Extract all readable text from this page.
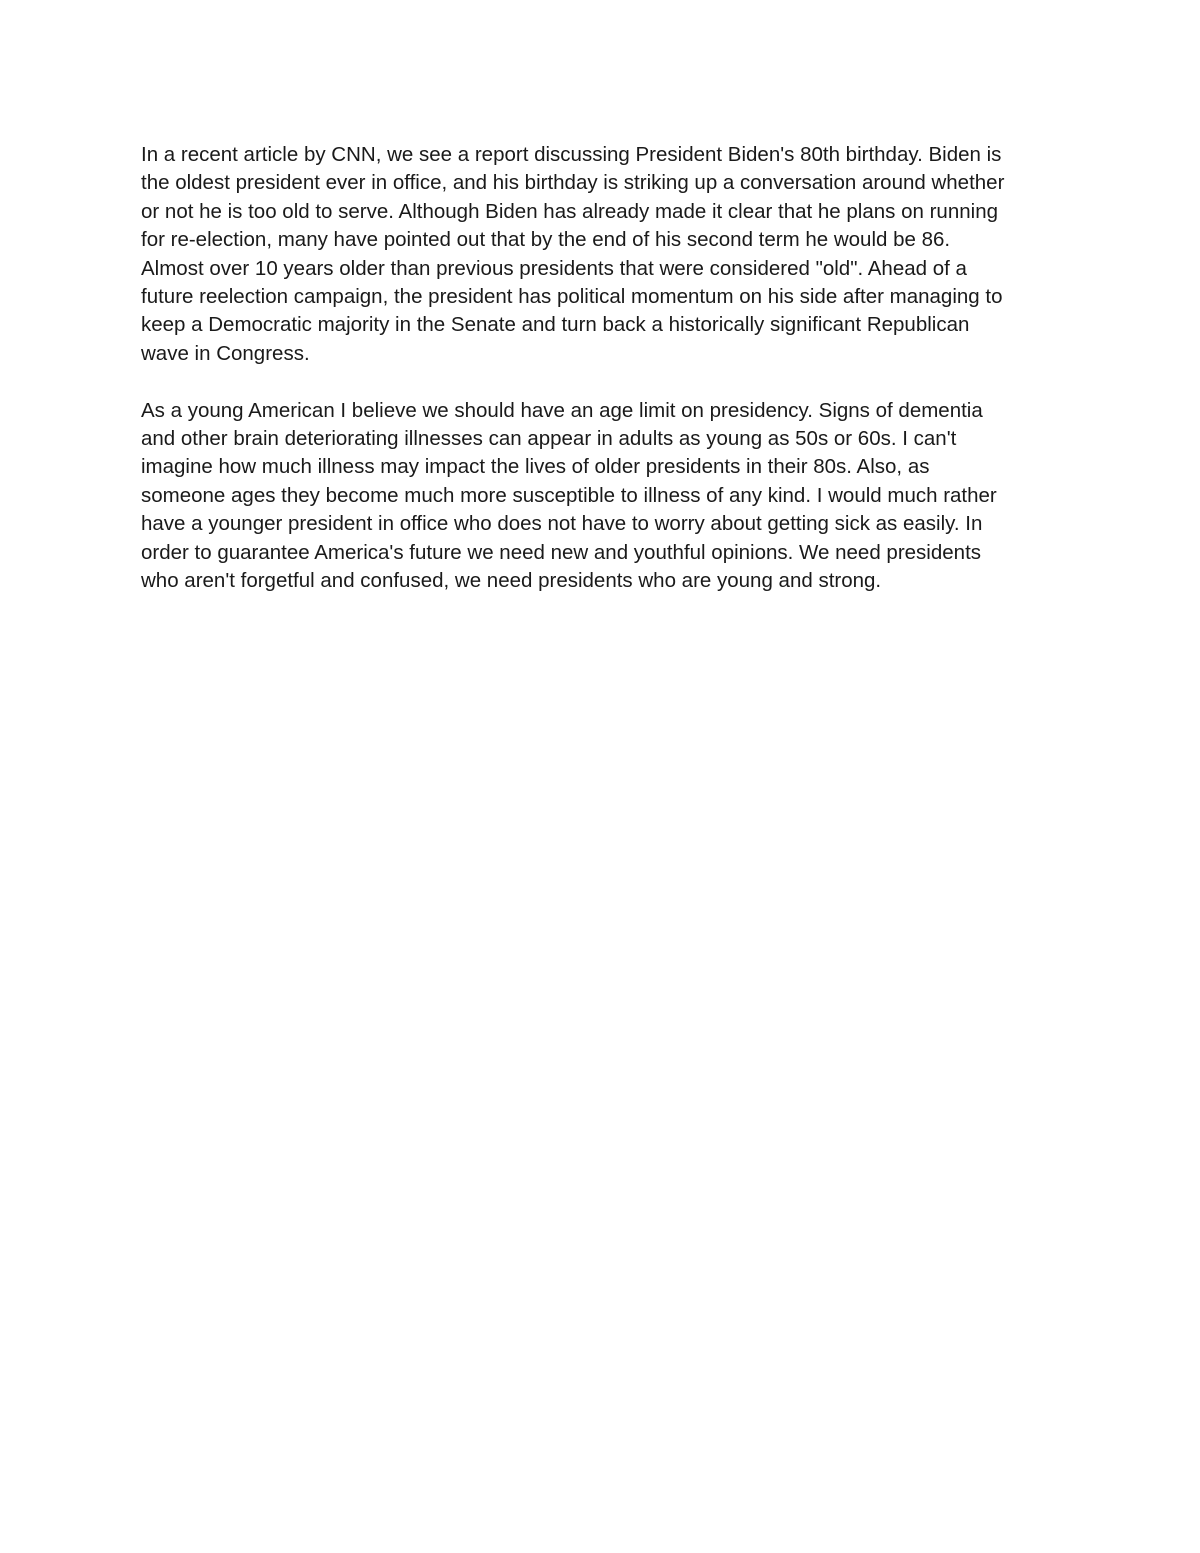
In a recent article by CNN, we see a report discussing President Biden's 80th birthday. Biden is
the oldest president ever in office, and his birthday is striking up a conversation around whether
or not he is too old to serve. Although Biden has already made it clear that he plans on running
for re-election, many have pointed out that by the end of his second term he would be 86.
Almost over 10 years older than previous presidents that were considered "old". Ahead of a
future reelection campaign, the president has political momentum on his side after managing to
keep a Democratic majority in the Senate and turn back a historically significant Republican
wave in Congress.

As a young American I believe we should have an age limit on presidency. Signs of dementia
and other brain deteriorating illnesses can appear in adults as young as 50s or 60s. I can't
imagine how much illness may impact the lives of older presidents in their 80s. Also, as
someone ages they become much more susceptible to illness of any kind. I would much rather
have a younger president in office who does not have to worry about getting sick as easily. In
order to guarantee America's future we need new and youthful opinions. We need presidents
who aren't forgetful and confused, we need presidents who are young and strong.
